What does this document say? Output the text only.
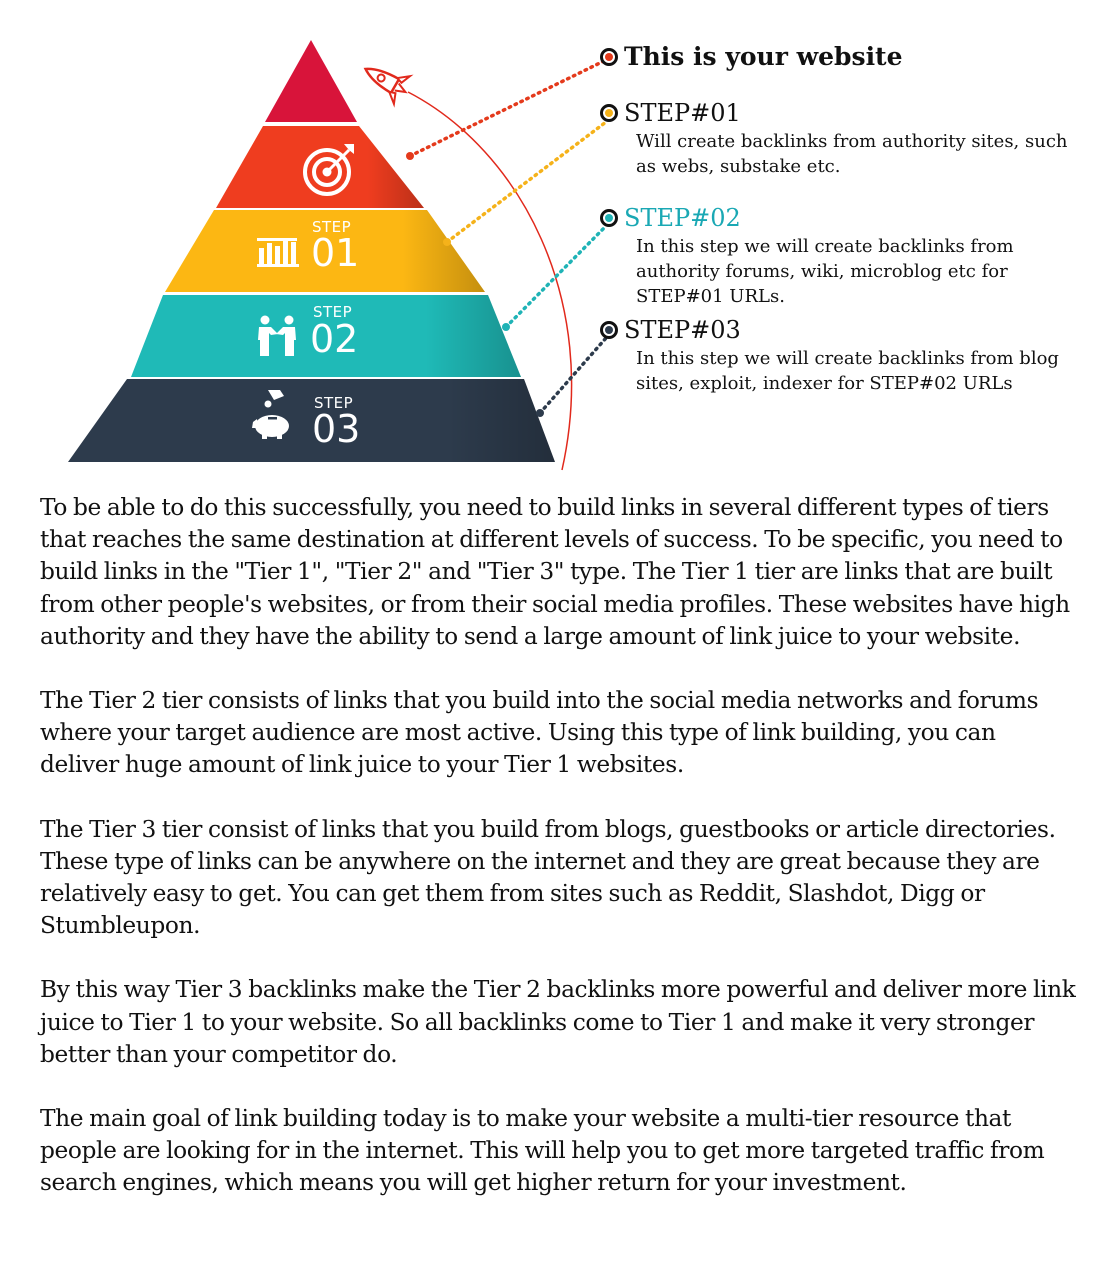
STEP
01
STEP
02
STEP
03
This is your website
STEP#01
Will create backlinks from authority sites, such as webs, substake etc.
STEP#02
In this step we will create backlinks from authority forums, wiki, microblog etc for STEP#01 URLs.
STEP#03
In this step we will create backlinks from blog sites, exploit, indexer for STEP#02 URLs

To be able to do this successfully, you need to build links in several different types of tiers that reaches the same destination at different levels of success. To be specific, you need to build links in the "Tier 1", "Tier 2" and "Tier 3" type. The Tier 1 tier are links that are built from other people's websites, or from their social media profiles. These websites have high authority and they have the ability to send a large amount of link juice to your website.

The Tier 2 tier consists of links that you build into the social media networks and forums where your target audience are most active. Using this type of link building, you can deliver huge amount of link juice to your Tier 1 websites.

The Tier 3 tier consist of links that you build from blogs, guestbooks or article directories. These type of links can be anywhere on the internet and they are great because they are relatively easy to get. You can get them from sites such as Reddit, Slashdot, Digg or Stumbleupon.

By this way Tier 3 backlinks make the Tier 2 backlinks more powerful and deliver more link juice to Tier 1 to your website. So all backlinks come to Tier 1 and make it very stronger better than your competitor do.

The main goal of link building today is to make your website a multi-tier resource that people are looking for in the internet. This will help you to get more targeted traffic from search engines, which means you will get higher return for your investment.
